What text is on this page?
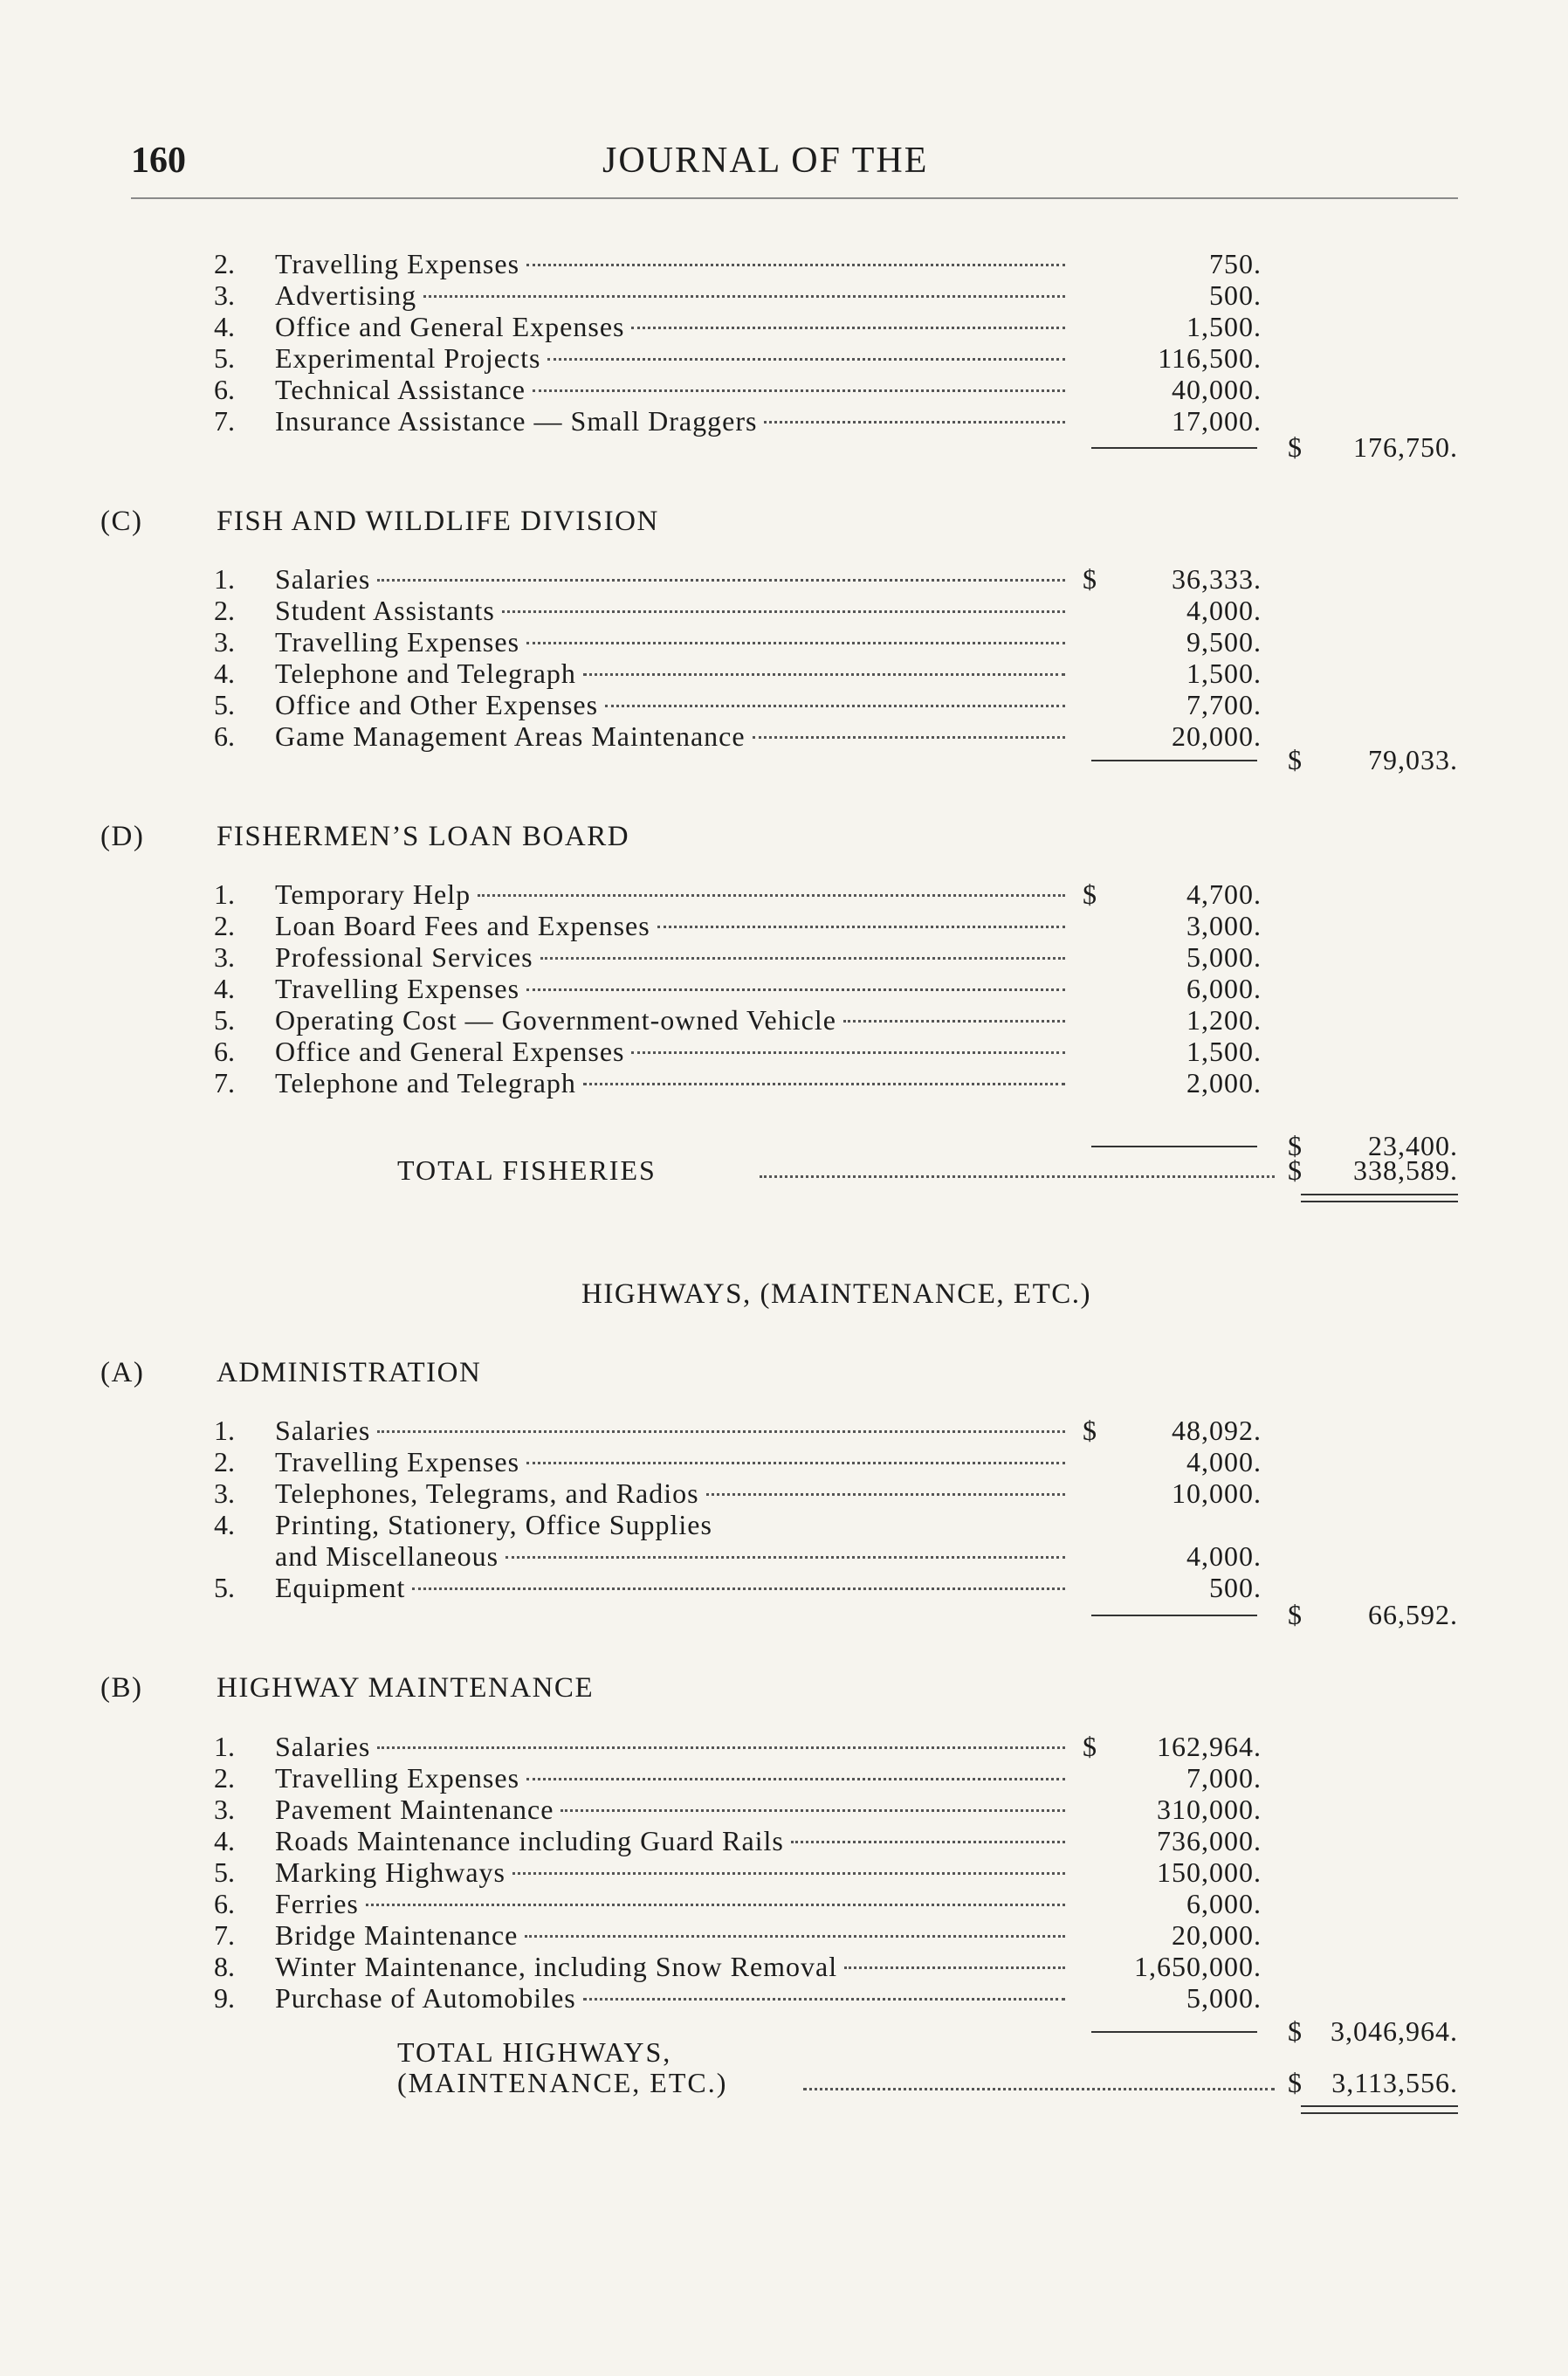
160	JOURNAL OF THE
2.	Travelling Expenses	750.
3.	Advertising	500.
4.	Office and General Expenses	1,500.
5.	Experimental Projects	116,500.
6.	Technical Assistance	40,000.
7.	Insurance Assistance — Small Draggers	17,000.
$	176,750.
(C)	FISH AND WILDLIFE DIVISION
1.	Salaries	$	36,333.
2.	Student Assistants	4,000.
3.	Travelling Expenses	9,500.
4.	Telephone and Telegraph	1,500.
5.	Office and Other Expenses	7,700.
6.	Game Management Areas Maintenance	20,000.
$	79,033.
(D)	FISHERMEN’S LOAN BOARD
1.	Temporary Help	$	4,700.
2.	Loan Board Fees and Expenses	3,000.
3.	Professional Services	5,000.
4.	Travelling Expenses	6,000.
5.	Operating Cost — Government-owned Vehicle	1,200.
6.	Office and General Expenses	1,500.
7.	Telephone and Telegraph	2,000.
$	23,400.
TOTAL FISHERIES	$	338,589.
HIGHWAYS, (MAINTENANCE, ETC.)
(A)	ADMINISTRATION
1.	Salaries	$	48,092.
2.	Travelling Expenses	4,000.
3.	Telephones, Telegrams, and Radios	10,000.
4.	Printing, Stationery, Office Supplies
and Miscellaneous	4,000.
5.	Equipment	500.
$	66,592.
(B)	HIGHWAY MAINTENANCE
1.	Salaries	$	162,964.
2.	Travelling Expenses	7,000.
3.	Pavement Maintenance	310,000.
4.	Roads Maintenance including Guard Rails	736,000.
5.	Marking Highways	150,000.
6.	Ferries	6,000.
7.	Bridge Maintenance	20,000.
8.	Winter Maintenance, including Snow Removal	1,650,000.
9.	Purchase of Automobiles	5,000.
$	3,046,964.
TOTAL HIGHWAYS,
(MAINTENANCE, ETC.)	$	3,113,556.
